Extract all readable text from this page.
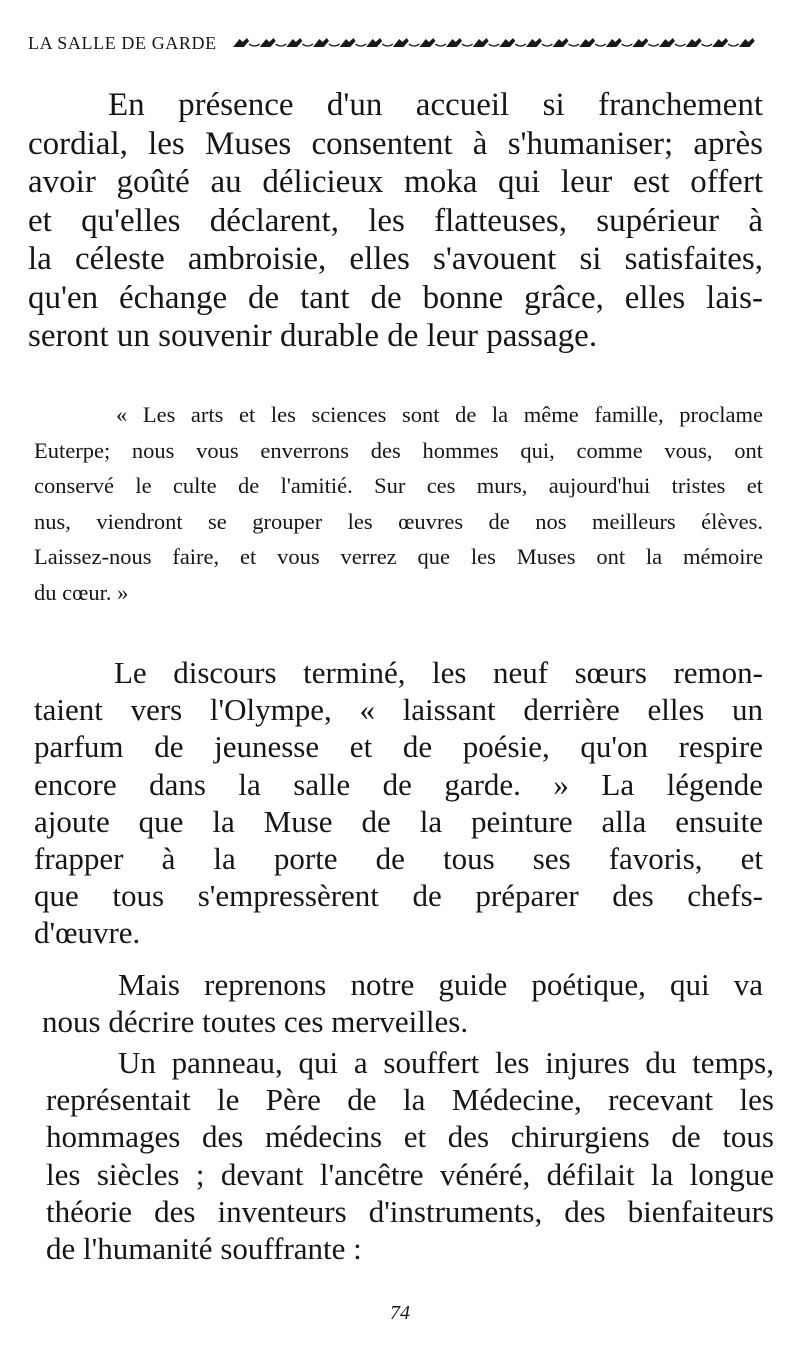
LA SALLE DE GARDE
En présence d'un accueil si franchement
cordial, les Muses consentent à s'humaniser; après
avoir goûté au délicieux moka qui leur est offert
et qu'elles déclarent, les flatteuses, supérieur à
la céleste ambroisie, elles s'avouent si satisfaites,
qu'en échange de tant de bonne grâce, elles lais-
seront un souvenir durable de leur passage.
« Les arts et les sciences sont de la même famille, proclame
Euterpe; nous vous enverrons des hommes qui, comme vous, ont
conservé le culte de l'amitié. Sur ces murs, aujourd'hui tristes et
nus, viendront se grouper les œuvres de nos meilleurs élèves.
Laissez-nous faire, et vous verrez que les Muses ont la mémoire
du cœur. »
Le discours terminé, les neuf sœurs remon-
taient vers l'Olympe, « laissant derrière elles un
parfum de jeunesse et de poésie, qu'on respire
encore dans la salle de garde. » La légende
ajoute que la Muse de la peinture alla ensuite
frapper à la porte de tous ses favoris, et
que tous s'empressèrent de préparer des chefs-
d'œuvre.
Mais reprenons notre guide poétique, qui va
nous décrire toutes ces merveilles.
Un panneau, qui a souffert les injures du temps,
représentait le Père de la Médecine, recevant les
hommages des médecins et des chirurgiens de tous
les siècles ; devant l'ancêtre vénéré, défilait la longue
théorie des inventeurs d'instruments, des bienfaiteurs
de l'humanité souffrante :
74
